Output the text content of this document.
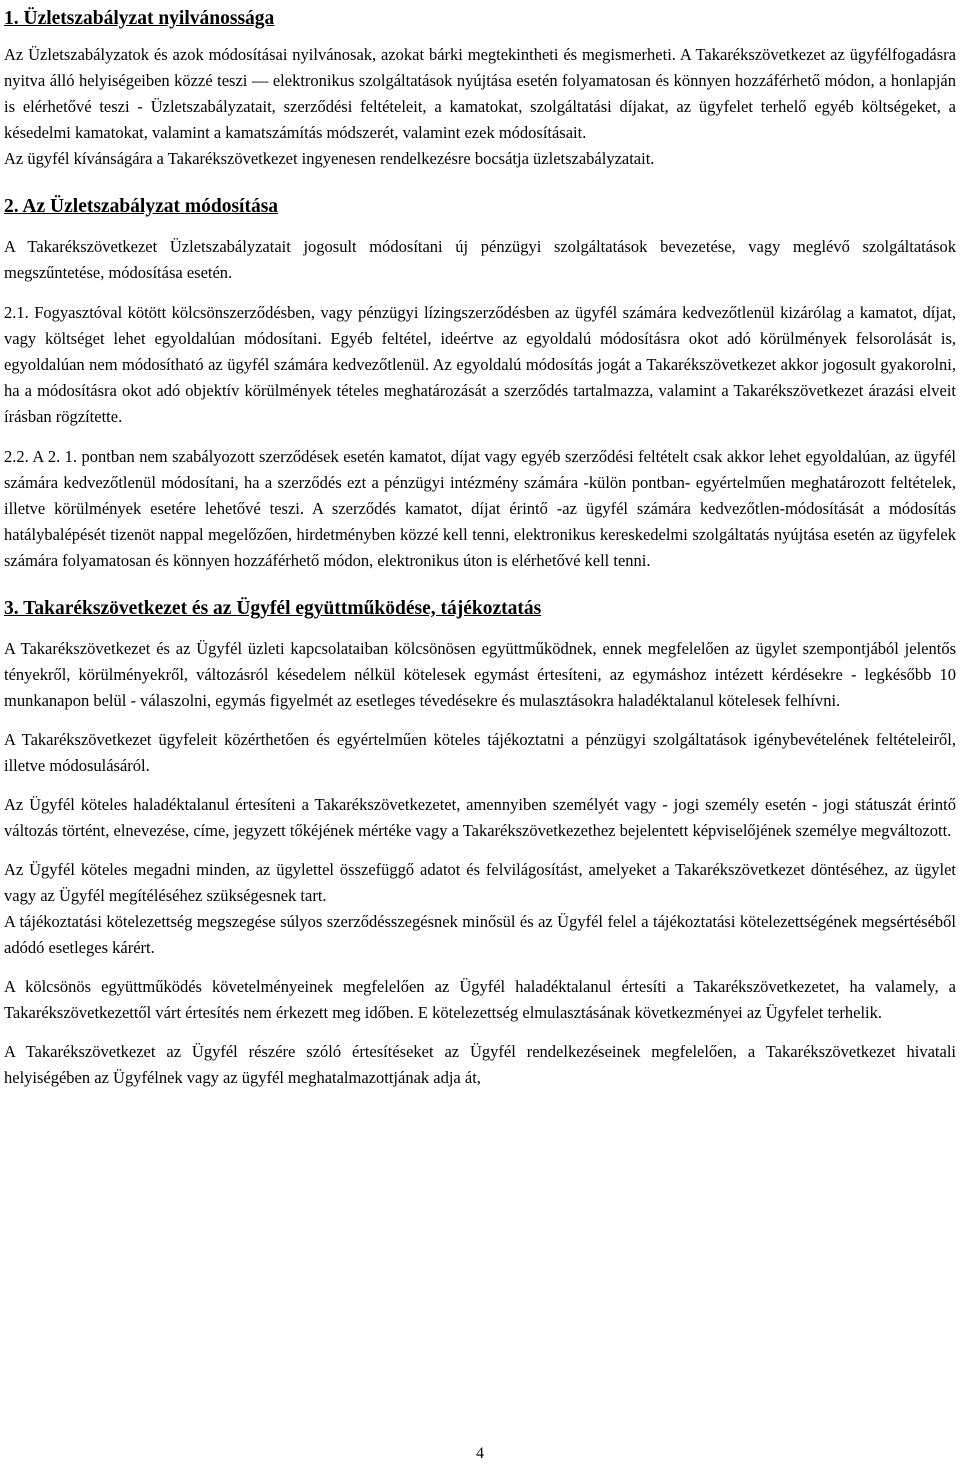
1. Üzletszabályzat nyilvánossága

Az Üzletszabályzatok és azok módosításai nyilvánosak, azokat bárki megtekintheti és megismerheti. A Takarékszövetkezet az ügyfélfogadásra nyitva álló helyiségeiben közzé teszi ― elektronikus szolgáltatások nyújtása esetén folyamatosan és könnyen hozzáférhető módon, a honlapján is elérhetővé teszi - Üzletszabályzatait, szerződési feltételeit, a kamatokat, szolgáltatási díjakat, az ügyfelet terhelő egyéb költségeket, a késedelmi kamatokat, valamint a kamatszámítás módszerét, valamint ezek módosításait.

Az ügyfél kívánságára a Takarékszövetkezet ingyenesen rendelkezésre bocsátja üzletszabályzatait.

2. Az Üzletszabályzat módosítása

A Takarékszövetkezet Üzletszabályzatait jogosult módosítani új pénzügyi szolgáltatások bevezetése, vagy meglévő szolgáltatások megszűntetése, módosítása esetén.

2.1. Fogyasztóval kötött kölcsönszerződésben, vagy pénzügyi lízingszerződésben az ügyfél számára kedvezőtlenül kizárólag a kamatot, díjat, vagy költséget lehet egyoldalúan módosítani. Egyéb feltétel, ideértve az egyoldalú módosításra okot adó körülmények felsorolását is, egyoldalúan nem módosítható az ügyfél számára kedvezőtlenül. Az egyoldalú módosítás jogát a Takarékszövetkezet akkor jogosult gyakorolni, ha a módosításra okot adó objektív körülmények tételes meghatározását a szerződés tartalmazza, valamint a Takarékszövetkezet árazási elveit írásban rögzítette.

2.2. A 2. 1. pontban nem szabályozott szerződések esetén kamatot, díjat vagy egyéb szerződési feltételt csak akkor lehet egyoldalúan, az ügyfél számára kedvezőtlenül módosítani, ha a szerződés ezt a pénzügyi intézmény számára -külön pontban- egyértelműen meghatározott feltételek, illetve körülmények esetére lehetővé teszi. A szerződés kamatot, díjat érintő -az ügyfél számára kedvezőtlen-módosítását a módosítás hatálybalépését tizenöt nappal megelőzően, hirdetményben közzé kell tenni, elektronikus kereskedelmi szolgáltatás nyújtása esetén az ügyfelek számára folyamatosan és könnyen hozzáférhető módon, elektronikus úton is elérhetővé kell tenni.

3. Takarékszövetkezet és az Ügyfél együttműködése, tájékoztatás

A Takarékszövetkezet és az Ügyfél üzleti kapcsolataiban kölcsönösen együttműködnek, ennek megfelelően az ügylet szempontjából jelentős tényekről, körülményekről, változásról késedelem nélkül kötelesek egymást értesíteni, az egymáshoz intézett kérdésekre - legkésőbb 10 munkanapon belül - válaszolni, egymás figyelmét az esetleges tévedésekre és mulasztásokra haladéktalanul kötelesek felhívni.

A Takarékszövetkezet ügyfeleit közérthetően és egyértelműen köteles tájékoztatni a pénzügyi szolgáltatások igénybevételének feltételeiről, illetve módosulásáról.

Az Ügyfél köteles haladéktalanul értesíteni a Takarékszövetkezetet, amennyiben személyét vagy - jogi személy esetén - jogi státuszát érintő változás történt, elnevezése, címe, jegyzett tőkéjének mértéke vagy a Takarékszövetkezethez bejelentett képviselőjének személye megváltozott.

Az Ügyfél köteles megadni minden, az ügylettel összefüggő adatot és felvilágosítást, amelyeket a Takarékszövetkezet döntéséhez, az ügylet vagy az Ügyfél megítéléséhez szükségesnek tart.

A tájékoztatási kötelezettség megszegése súlyos szerződésszegésnek minősül és az Ügyfél felel a tájékoztatási kötelezettségének megsértéséből adódó esetleges kárért.

A kölcsönös együttműködés követelményeinek megfelelően az Ügyfél haladéktalanul értesíti a Takarékszövetkezetet, ha valamely, a Takarékszövetkezettől várt értesítés nem érkezett meg időben. E kötelezettség elmulasztásának következményei az Ügyfelet terhelik.

A Takarékszövetkezet az Ügyfél részére szóló értesítéseket az Ügyfél rendelkezéseinek megfelelően, a Takarékszövetkezet hivatali helyiségében az Ügyfélnek vagy az ügyfél meghatalmazottjának adja át,

4
